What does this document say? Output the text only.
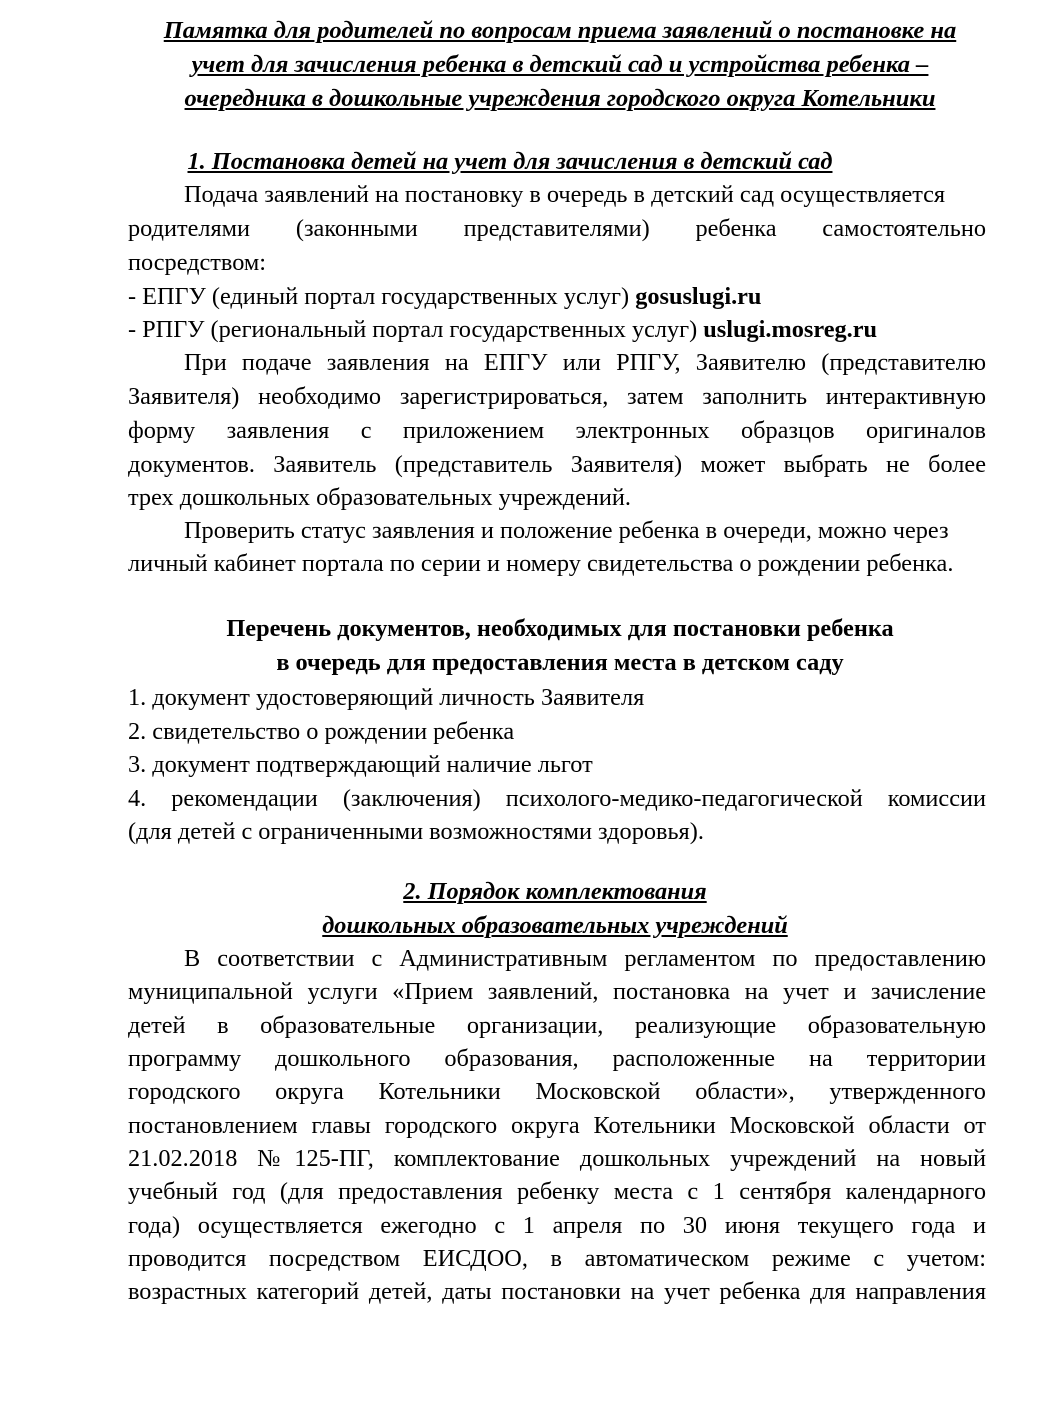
Памятка для родителей по вопросам приема заявлений о постановке на
учет для зачисления ребенка в детский сад и устройства ребенка –
очередника в дошкольные учреждения городского округа Котельники
1. Постановка детей на учет для зачисления в детский сад
Подача заявлений на постановку в очередь в детский сад осуществляется
родителями (законными представителями) ребенка самостоятельно
посредством:
- ЕПГУ (единый портал государственных услуг) gosuslugi.ru
- РПГУ (региональный портал государственных услуг) uslugi.mosreg.ru
При подаче заявления на ЕПГУ или РПГУ, Заявителю (представителю
Заявителя) необходимо зарегистрироваться, затем заполнить интерактивную
форму заявления с приложением электронных образцов оригиналов
документов. Заявитель (представитель Заявителя) может выбрать не более
трех дошкольных образовательных учреждений.
Проверить статус заявления и положение ребенка в очереди, можно через
личный кабинет портала по серии и номеру свидетельства о рождении ребенка.
Перечень документов, необходимых для постановки ребенка
в очередь для предоставления места в детском саду
1. документ удостоверяющий личность Заявителя
2. свидетельство о рождении ребенка
3. документ подтверждающий наличие льгот
4. рекомендации (заключения) психолого-медико-педагогической комиссии
(для детей с ограниченными возможностями здоровья).
2. Порядок комплектования
дошкольных образовательных учреждений
В соответствии с Административным регламентом по предоставлению
муниципальной услуги «Прием заявлений, постановка на учет и зачисление
детей в образовательные организации, реализующие образовательную
программу дошкольного образования, расположенные на территории
городского округа Котельники Московской области», утвержденного
постановлением главы городского округа Котельники Московской области от
21.02.2018 №125-ПГ, комплектование дошкольных учреждений на новый
учебный год (для предоставления ребенку места с 1 сентября календарного
года) осуществляется ежегодно с 1 апреля по 30 июня текущего года и
проводится посредством ЕИСДОО, в автоматическом режиме с учетом:
возрастных категорий детей, даты постановки на учет ребенка для направления
